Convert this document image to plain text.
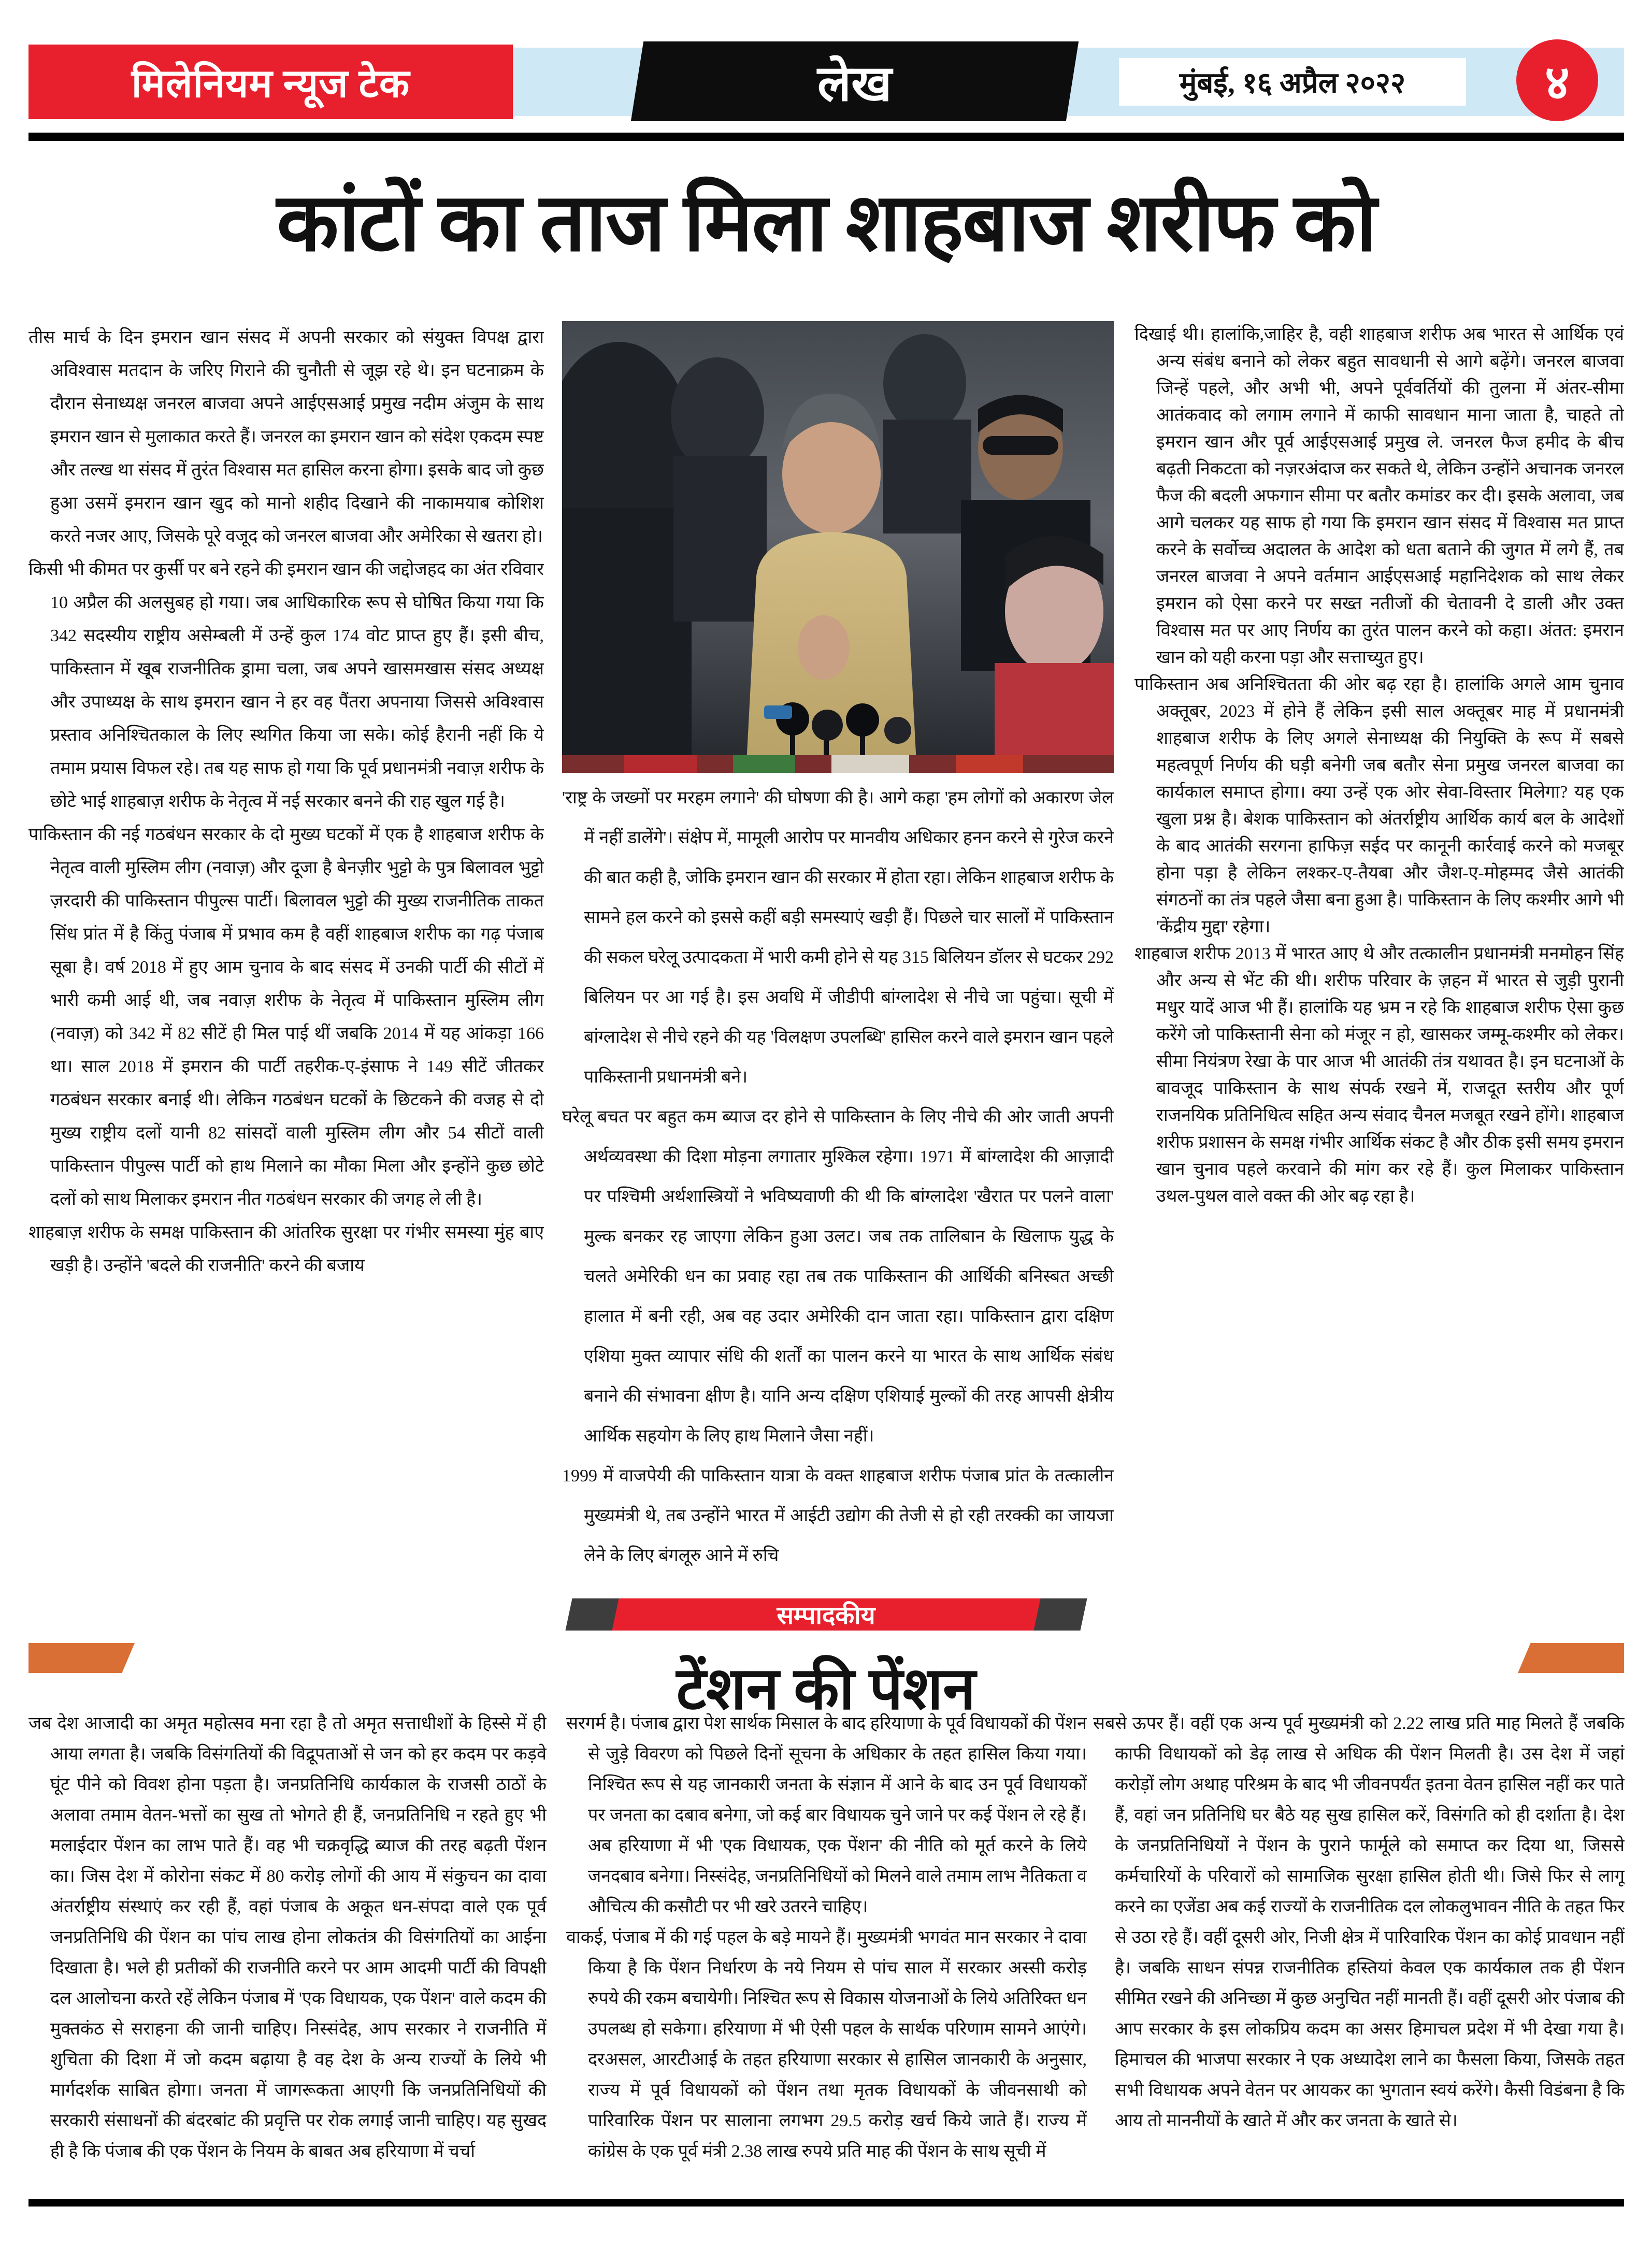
मिलेनियम न्यूज टेक	लेख	मुंबई, १६ अप्रैल २०२२	४
कांटों का ताज मिला शाहबाज शरीफ को

तीस मार्च के दिन इमरान खान संसद में अपनी सरकार को संयुक्त विपक्ष द्वारा अविश्वास मतदान के जरिए गिराने की चुनौती से जूझ रहे थे। इन घटनाक्रम के दौरान सेनाध्यक्ष जनरल बाजवा अपने आईएसआई प्रमुख नदीम अंजुम के साथ इमरान खान से मुलाकात करते हैं। जनरल का इमरान खान को संदेश एकदम स्पष्ट और तल्ख था संसद में तुरंत विश्वास मत हासिल करना होगा। इसके बाद जो कुछ हुआ उसमें इमरान खान खुद को मानो शहीद दिखाने की नाकामयाब कोशिश करते नजर आए, जिसके पूरे वजूद को जनरल बाजवा और अमेरिका से खतरा हो।

किसी भी कीमत पर कुर्सी पर बने रहने की इमरान खान की जद्दोजहद का अंत रविवार 10 अप्रैल की अलसुबह हो गया। जब आधिकारिक रूप से घोषित किया गया कि 342 सदस्यीय राष्ट्रीय असेम्बली में उन्हें कुल 174 वोट प्राप्त हुए हैं। इसी बीच, पाकिस्तान में खूब राजनीतिक ड्रामा चला, जब अपने खासमखास संसद अध्यक्ष और उपाध्यक्ष के साथ इमरान खान ने हर वह पैंतरा अपनाया जिससे अविश्वास प्रस्ताव अनिश्चितकाल के लिए स्थगित किया जा सके। कोई हैरानी नहीं कि ये तमाम प्रयास विफल रहे। तब यह साफ हो गया कि पूर्व प्रधानमंत्री नवाज़ शरीफ के छोटे भाई शाहबाज़ शरीफ के नेतृत्व में नई सरकार बनने की राह खुल गई है।

पाकिस्तान की नई गठबंधन सरकार के दो मुख्य घटकों में एक है शाहबाज शरीफ के नेतृत्व वाली मुस्लिम लीग (नवाज़) और दूजा है बेनज़ीर भुट्टो के पुत्र बिलावल भुट्टो ज़रदारी की पाकिस्तान पीपुल्स पार्टी। बिलावल भुट्टो की मुख्य राजनीतिक ताकत सिंध प्रांत में है किंतु पंजाब में प्रभाव कम है वहीं शाहबाज शरीफ का गढ़ पंजाब सूबा है। वर्ष 2018 में हुए आम चुनाव के बाद संसद में उनकी पार्टी की सीटों में भारी कमी आई थी, जब नवाज़ शरीफ के नेतृत्व में पाकिस्तान मुस्लिम लीग (नवाज़) को 342 में 82 सीटें ही मिल पाई थीं जबकि 2014 में यह आंकड़ा 166 था। साल 2018 में इमरान की पार्टी तहरीक-ए-इंसाफ ने 149 सीटें जीतकर गठबंधन सरकार बनाई थी। लेकिन गठबंधन घटकों के छिटकने की वजह से दो मुख्य राष्ट्रीय दलों यानी 82 सांसदों वाली मुस्लिम लीग और 54 सीटों वाली पाकिस्तान पीपुल्स पार्टी को हाथ मिलाने का मौका मिला और इन्होंने कुछ छोटे दलों को साथ मिलाकर इमरान नीत गठबंधन सरकार की जगह ले ली है।

शाहबाज़ शरीफ के समक्ष पाकिस्तान की आंतरिक सुरक्षा पर गंभीर समस्या मुंह बाए खड़ी है। उन्होंने 'बदले की राजनीति' करने की बजाय

'राष्ट्र के जख्मों पर मरहम लगाने' की घोषणा की है। आगे कहा 'हम लोगों को अकारण जेल में नहीं डालेंगे'। संक्षेप में, मामूली आरोप पर मानवीय अधिकार हनन करने से गुरेज करने की बात कही है, जोकि इमरान खान की सरकार में होता रहा। लेकिन शाहबाज शरीफ के सामने हल करने को इससे कहीं बड़ी समस्याएं खड़ी हैं। पिछले चार सालों में पाकिस्तान की सकल घरेलू उत्पादकता में भारी कमी होने से यह 315 बिलियन डॉलर से घटकर 292 बिलियन पर आ गई है। इस अवधि में जीडीपी बांग्लादेश से नीचे जा पहुंचा। सूची में बांग्लादेश से नीचे रहने की यह 'विलक्षण उपलब्धि' हासिल करने वाले इमरान खान पहले पाकिस्तानी प्रधानमंत्री बने।

घरेलू बचत पर बहुत कम ब्याज दर होने से पाकिस्तान के लिए नीचे की ओर जाती अपनी अर्थव्यवस्था की दिशा मोड़ना लगातार मुश्किल रहेगा। 1971 में बांग्लादेश की आज़ादी पर पश्चिमी अर्थशास्त्रियों ने भविष्यवाणी की थी कि बांग्लादेश 'खैरात पर पलने वाला' मुल्क बनकर रह जाएगा लेकिन हुआ उलट। जब तक तालिबान के खिलाफ युद्ध के चलते अमेरिकी धन का प्रवाह रहा तब तक पाकिस्तान की आर्थिकी बनिस्बत अच्छी हालात में बनी रही, अब वह उदार अमेरिकी दान जाता रहा। पाकिस्तान द्वारा दक्षिण एशिया मुक्त व्यापार संधि की शर्तों का पालन करने या भारत के साथ आर्थिक संबंध बनाने की संभावना क्षीण है। यानि अन्य दक्षिण एशियाई मुल्कों की तरह आपसी क्षेत्रीय आर्थिक सहयोग के लिए हाथ मिलाने जैसा नहीं।

1999 में वाजपेयी की पाकिस्तान यात्रा के वक्त शाहबाज शरीफ पंजाब प्रांत के तत्कालीन मुख्यमंत्री थे, तब उन्होंने भारत में आईटी उद्योग की तेजी से हो रही तरक्की का जायजा लेने के लिए बंगलूरु आने में रुचि

दिखाई थी। हालांकि,जाहिर है, वही शाहबाज शरीफ अब भारत से आर्थिक एवं अन्य संबंध बनाने को लेकर बहुत सावधानी से आगे बढ़ेंगे। जनरल बाजवा जिन्हें पहले, और अभी भी, अपने पूर्ववर्तियों की तुलना में अंतर-सीमा आतंकवाद को लगाम लगाने में काफी सावधान माना जाता है, चाहते तो इमरान खान और पूर्व आईएसआई प्रमुख ले. जनरल फैज हमीद के बीच बढ़ती निकटता को नज़रअंदाज कर सकते थे, लेकिन उन्होंने अचानक जनरल फैज की बदली अफगान सीमा पर बतौर कमांडर कर दी। इसके अलावा, जब आगे चलकर यह साफ हो गया कि इमरान खान संसद में विश्वास मत प्राप्त करने के सर्वोच्च अदालत के आदेश को धता बताने की जुगत में लगे हैं, तब जनरल बाजवा ने अपने वर्तमान आईएसआई महानिदेशक को साथ लेकर इमरान को ऐसा करने पर सख्त नतीजों की चेतावनी दे डाली और उक्त विश्वास मत पर आए निर्णय का तुरंत पालन करने को कहा। अंतत: इमरान खान को यही करना पड़ा और सत्ताच्युत हुए।

पाकिस्तान अब अनिश्चितता की ओर बढ़ रहा है। हालांकि अगले आम चुनाव अक्तूबर, 2023 में होने हैं लेकिन इसी साल अक्तूबर माह में प्रधानमंत्री शाहबाज शरीफ के लिए अगले सेनाध्यक्ष की नियुक्ति के रूप में सबसे महत्वपूर्ण निर्णय की घड़ी बनेगी जब बतौर सेना प्रमुख जनरल बाजवा का कार्यकाल समाप्त होगा। क्या उन्हें एक ओर सेवा-विस्तार मिलेगा? यह एक खुला प्रश्न है। बेशक पाकिस्तान को अंतर्राष्ट्रीय आर्थिक कार्य बल के आदेशों के बाद आतंकी सरगना हाफिज़ सईद पर कानूनी कार्रवाई करने को मजबूर होना पड़ा है लेकिन लश्कर-ए-तैयबा और जैश-ए-मोहम्मद जैसे आतंकी संगठनों का तंत्र पहले जैसा बना हुआ है। पाकिस्तान के लिए कश्मीर आगे भी 'केंद्रीय मुद्दा' रहेगा।

शाहबाज शरीफ 2013 में भारत आए थे और तत्कालीन प्रधानमंत्री मनमोहन सिंह और अन्य से भेंट की थी। शरीफ परिवार के ज़हन में भारत से जुड़ी पुरानी मधुर यादें आज भी हैं। हालांकि यह भ्रम न रहे कि शाहबाज शरीफ ऐसा कुछ करेंगे जो पाकिस्तानी सेना को मंजूर न हो, खासकर जम्मू-कश्मीर को लेकर। सीमा नियंत्रण रेखा के पार आज भी आतंकी तंत्र यथावत है। इन घटनाओं के बावजूद पाकिस्तान के साथ संपर्क रखने में, राजदूत स्तरीय और पूर्ण राजनयिक प्रतिनिधित्व सहित अन्य संवाद चैनल मजबूत रखने होंगे। शाहबाज शरीफ प्रशासन के समक्ष गंभीर आर्थिक संकट है और ठीक इसी समय इमरान खान चुनाव पहले करवाने की मांग कर रहे हैं। कुल मिलाकर पाकिस्तान उथल-पुथल वाले वक्त की ओर बढ़ रहा है।

सम्पादकीय
टेंशन की पेंशन

जब देश आजादी का अमृत महोत्सव मना रहा है तो अमृत सत्ताधीशों के हिस्से में ही आया लगता है। जबकि विसंगतियों की विद्रूपताओं से जन को हर कदम पर कड़वे घूंट पीने को विवश होना पड़ता है। जनप्रतिनिधि कार्यकाल के राजसी ठाठों के अलावा तमाम वेतन-भत्तों का सुख तो भोगते ही हैं, जनप्रतिनिधि न रहते हुए भी मलाईदार पेंशन का लाभ पाते हैं। वह भी चक्रवृद्धि ब्याज की तरह बढ़ती पेंशन का। जिस देश में कोरोना संकट में 80 करोड़ लोगों की आय में संकुचन का दावा अंतर्राष्ट्रीय संस्थाएं कर रही हैं, वहां पंजाब के अकूत धन-संपदा वाले एक पूर्व जनप्रतिनिधि की पेंशन का पांच लाख होना लोकतंत्र की विसंगतियों का आईना दिखाता है। भले ही प्रतीकों की राजनीति करने पर आम आदमी पार्टी की विपक्षी दल आलोचना करते रहें लेकिन पंजाब में 'एक विधायक, एक पेंशन' वाले कदम की मुक्तकंठ से सराहना की जानी चाहिए। निस्संदेह, आप सरकार ने राजनीति में शुचिता की दिशा में जो कदम बढ़ाया है वह देश के अन्य राज्यों के लिये भी मार्गदर्शक साबित होगा। जनता में जागरूकता आएगी कि जनप्रतिनिधियों की सरकारी संसाधनों की बंदरबांट की प्रवृत्ति पर रोक लगाई जानी चाहिए। यह सुखद ही है कि पंजाब की एक पेंशन के नियम के बाबत अब हरियाणा में चर्चा

सरगर्म है। पंजाब द्वारा पेश सार्थक मिसाल के बाद हरियाणा के पूर्व विधायकों की पेंशन से जुड़े विवरण को पिछले दिनों सूचना के अधिकार के तहत हासिल किया गया। निश्चित रूप से यह जानकारी जनता के संज्ञान में आने के बाद उन पूर्व विधायकों पर जनता का दबाव बनेगा, जो कई बार विधायक चुने जाने पर कई पेंशन ले रहे हैं। अब हरियाणा में भी 'एक विधायक, एक पेंशन' की नीति को मूर्त करने के लिये जनदबाव बनेगा। निस्संदेह, जनप्रतिनिधियों को मिलने वाले तमाम लाभ नैतिकता व औचित्य की कसौटी पर भी खरे उतरने चाहिए।

वाकई, पंजाब में की गई पहल के बड़े मायने हैं। मुख्यमंत्री भगवंत मान सरकार ने दावा किया है कि पेंशन निर्धारण के नये नियम से पांच साल में सरकार अस्सी करोड़ रुपये की रकम बचायेगी। निश्चित रूप से विकास योजनाओं के लिये अतिरिक्त धन उपलब्ध हो सकेगा। हरियाणा में भी ऐसी पहल के सार्थक परिणाम सामने आएंगे। दरअसल, आरटीआई के तहत हरियाणा सरकार से हासिल जानकारी के अनुसार, राज्य में पूर्व विधायकों को पेंशन तथा मृतक विधायकों के जीवनसाथी को पारिवारिक पेंशन पर सालाना लगभग 29.5 करोड़ खर्च किये जाते हैं। राज्य में कांग्रेस के एक पूर्व मंत्री 2.38 लाख रुपये प्रति माह की पेंशन के साथ सूची में

सबसे ऊपर हैं। वहीं एक अन्य पूर्व मुख्यमंत्री को 2.22 लाख प्रति माह मिलते हैं जबकि काफी विधायकों को डेढ़ लाख से अधिक की पेंशन मिलती है। उस देश में जहां करोड़ों लोग अथाह परिश्रम के बाद भी जीवनपर्यंत इतना वेतन हासिल नहीं कर पाते हैं, वहां जन प्रतिनिधि घर बैठे यह सुख हासिल करें, विसंगति को ही दर्शाता है। देश के जनप्रतिनिधियों ने पेंशन के पुराने फार्मूले को समाप्त कर दिया था, जिससे कर्मचारियों के परिवारों को सामाजिक सुरक्षा हासिल होती थी। जिसे फिर से लागू करने का एजेंडा अब कई राज्यों के राजनीतिक दल लोकलुभावन नीति के तहत फिर से उठा रहे हैं। वहीं दूसरी ओर, निजी क्षेत्र में पारिवारिक पेंशन का कोई प्रावधान नहीं है। जबकि साधन संपन्न राजनीतिक हस्तियां केवल एक कार्यकाल तक ही पेंशन सीमित रखने की अनिच्छा में कुछ अनुचित नहीं मानती हैं। वहीं दूसरी ओर पंजाब की आप सरकार के इस लोकप्रिय कदम का असर हिमाचल प्रदेश में भी देखा गया है। हिमाचल की भाजपा सरकार ने एक अध्यादेश लाने का फैसला किया, जिसके तहत सभी विधायक अपने वेतन पर आयकर का भुगतान स्वयं करेंगे। कैसी विडंबना है कि आय तो माननीयों के खाते में और कर जनता के खाते से।
